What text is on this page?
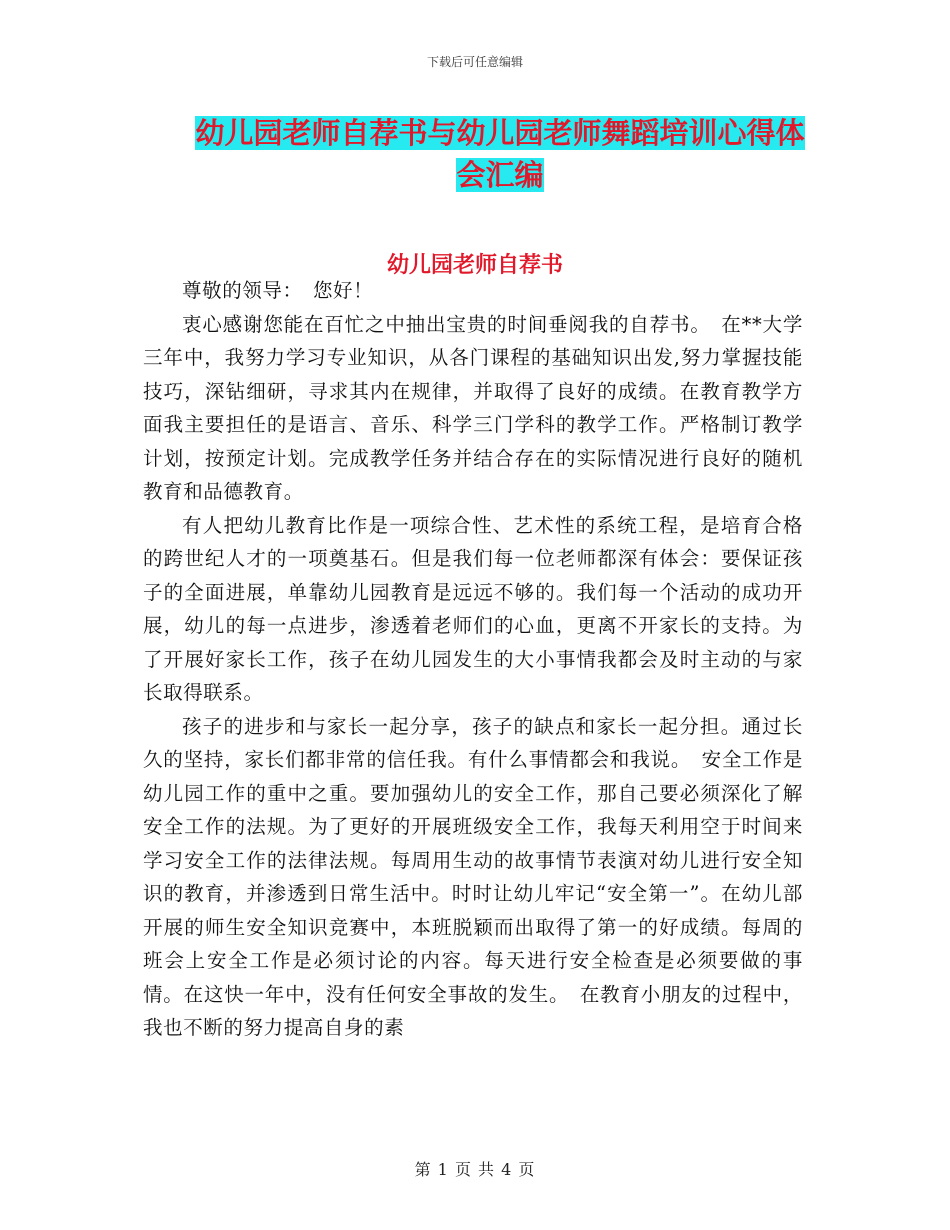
下载后可任意编辑
幼儿园老师自荐书与幼儿园老师舞蹈培训心得体会汇编
幼儿园老师自荐书

尊敬的领导：　您好！

衷心感谢您能在百忙之中抽出宝贵的时间垂阅我的自荐书。　在**大学三年中，我努力学习专业知识，从各门课程的基础知识出发,努力掌握技能技巧，深钻细研，寻求其内在规律，并取得了良好的成绩。在教育教学方面我主要担任的是语言、音乐、科学三门学科的教学工作。严格制订教学计划，按预定计划。完成教学任务并结合存在的实际情况进行良好的随机教育和品德教育。

有人把幼儿教育比作是一项综合性、艺术性的系统工程，是培育合格的跨世纪人才的一项奠基石。但是我们每一位老师都深有体会：要保证孩子的全面进展，单靠幼儿园教育是远远不够的。我们每一个活动的成功开展，幼儿的每一点进步，渗透着老师们的心血，更离不开家长的支持。为了开展好家长工作，孩子在幼儿园发生的大小事情我都会及时主动的与家长取得联系。

孩子的进步和与家长一起分享，孩子的缺点和家长一起分担。通过长久的坚持，家长们都非常的信任我。有什么事情都会和我说。　安全工作是幼儿园工作的重中之重。要加强幼儿的安全工作，那自己要必须深化了解安全工作的法规。为了更好的开展班级安全工作，我每天利用空于时间来学习安全工作的法律法规。每周用生动的故事情节表演对幼儿进行安全知识的教育，并渗透到日常生活中。时时让幼儿牢记“安全第一”。在幼儿部开展的师生安全知识竞赛中，本班脱颖而出取得了第一的好成绩。每周的班会上安全工作是必须讨论的内容。每天进行安全检查是必须要做的事情。在这快一年中，没有任何安全事故的发生。　在教育小朋友的过程中，我也不断的努力提高自身的素

第 1 页 共 4 页
